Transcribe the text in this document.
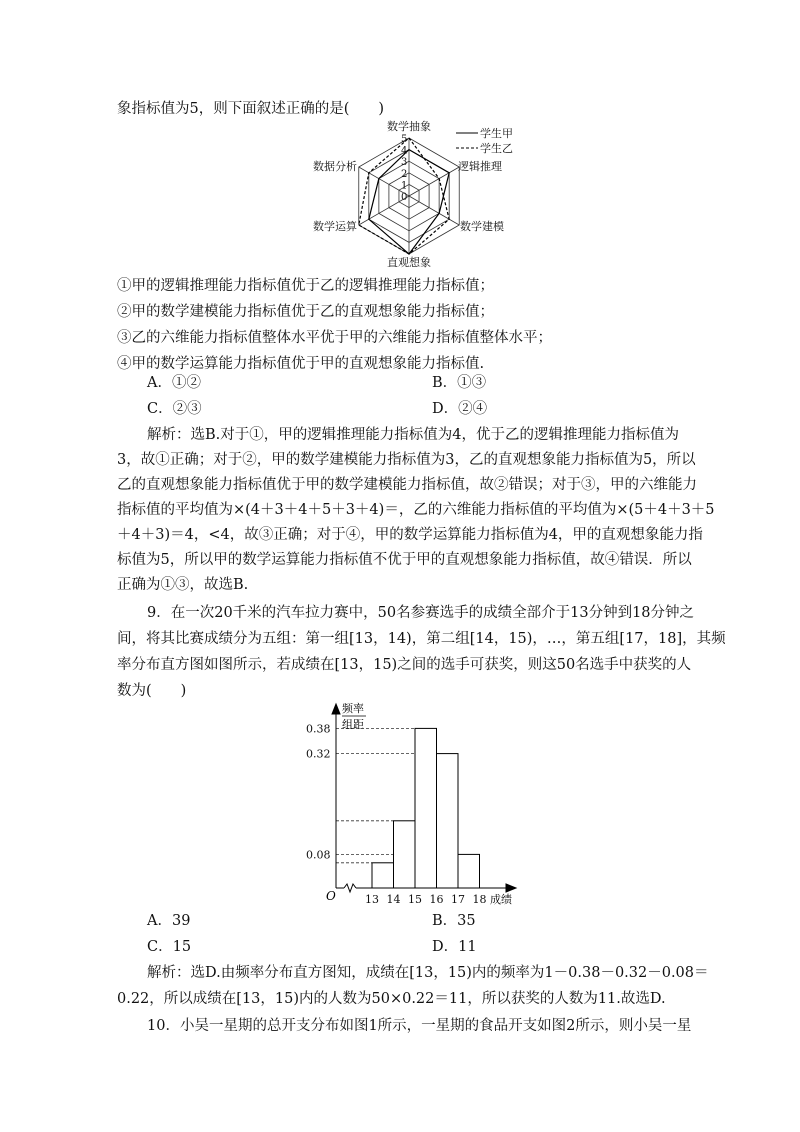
象指标值为5，则下面叙述正确的是(　　)
5
4
3
2
1
0
数学抽象
逻辑推理
数学建模
直观想象
数学运算
数据分析
学生甲
学生乙
①甲的逻辑推理能力指标值优于乙的逻辑推理能力指标值；
②甲的数学建模能力指标值优于乙的直观想象能力指标值；
③乙的六维能力指标值整体水平优于甲的六维能力指标值整体水平；
④甲的数学运算能力指标值优于甲的直观想象能力指标值.
A．①②	B．①③
C．②③	D．②④
解析：选B.对于①，甲的逻辑推理能力指标值为4，优于乙的逻辑推理能力指标值为
3，故①正确；对于②，甲的数学建模能力指标值为3，乙的直观想象能力指标值为5，所以
乙的直观想象能力指标值优于甲的数学建模能力指标值，故②错误；对于③，甲的六维能力
指标值的平均值为×(4＋3＋4＋5＋3＋4)＝，乙的六维能力指标值的平均值为×(5＋4＋3＋5
＋4＋3)＝4，<4，故③正确；对于④，甲的数学运算能力指标值为4，甲的直观想象能力指
标值为5，所以甲的数学运算能力指标值不优于甲的直观想象能力指标值，故④错误．所以
正确为①③，故选B.
9．在一次20千米的汽车拉力赛中，50名参赛选手的成绩全部介于13分钟到18分钟之
间，将其比赛成绩分为五组：第一组[13，14)，第二组[14，15)，…，第五组[17，18]，其频
率分布直方图如图所示，若成绩在[13，15)之间的选手可获奖，则这50名选手中获奖的人
数为(　　)
0.38
0.32
0.08
13 14 15 16 17 18
O
频率
组距
成绩
A．39	B．35
C．15	D．11
解析：选D.由频率分布直方图知，成绩在[13，15)内的频率为1－0.38－0.32－0.08＝
0.22，所以成绩在[13，15)内的人数为50×0.22＝11，所以获奖的人数为11.故选D.
10．小吴一星期的总开支分布如图1所示，一星期的食品开支如图2所示，则小吴一星
